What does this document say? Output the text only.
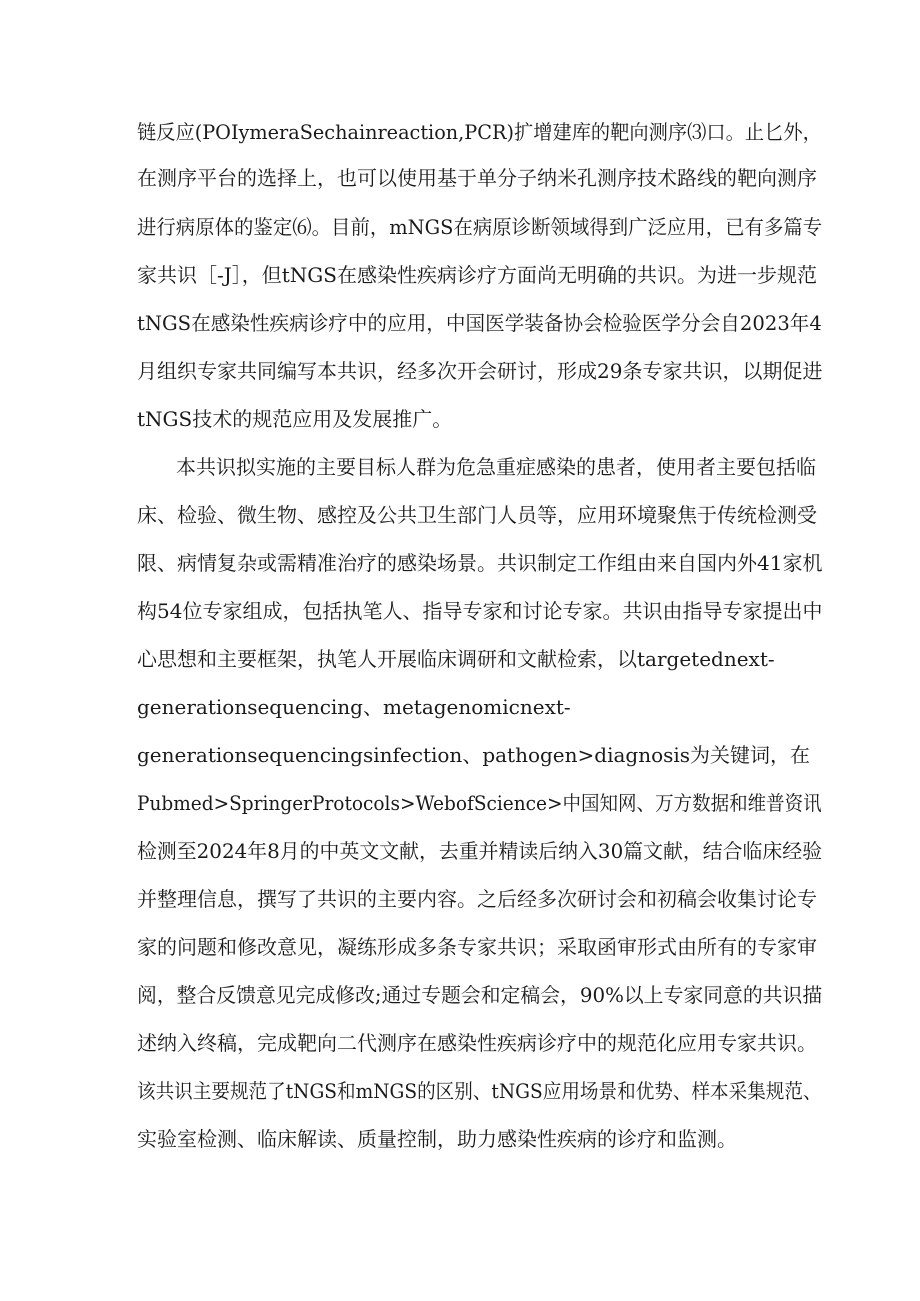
链反应(POIymeraSechainreaction,PCR)扩增建库的靶向测序⑶口。止匕外，
在测序平台的选择上，也可以使用基于单分子纳米孔测序技术路线的靶向测序
进行病原体的鉴定⑹。目前，mNGS在病原诊断领域得到广泛应用，已有多篇专
家共识［-J］，但tNGS在感染性疾病诊疗方面尚无明确的共识。为进一步规范
tNGS在感染性疾病诊疗中的应用，中国医学装备协会检验医学分会自2023年4
月组织专家共同编写本共识，经多次开会研讨，形成29条专家共识，以期促进
tNGS技术的规范应用及发展推广。
本共识拟实施的主要目标人群为危急重症感染的患者，使用者主要包括临
床、检验、微生物、感控及公共卫生部门人员等，应用环境聚焦于传统检测受
限、病情复杂或需精准治疗的感染场景。共识制定工作组由来自国内外41家机
构54位专家组成，包括执笔人、指导专家和讨论专家。共识由指导专家提出中
心思想和主要框架，执笔人开展临床调研和文献检索，以targetednext-
generationsequencing、metagenomicnext-
generationsequencingsinfection、pathogen>diagnosis为关键词，在
Pubmed>SpringerProtocols>WebofScience>中国知网、万方数据和维普资讯
检测至2024年8月的中英文文献，去重并精读后纳入30篇文献，结合临床经验
并整理信息，撰写了共识的主要内容。之后经多次研讨会和初稿会收集讨论专
家的问题和修改意见，凝练形成多条专家共识；采取函审形式由所有的专家审
阅，整合反馈意见完成修改;通过专题会和定稿会，90%以上专家同意的共识描
述纳入终稿，完成靶向二代测序在感染性疾病诊疗中的规范化应用专家共识。
该共识主要规范了tNGS和mNGS的区别、tNGS应用场景和优势、样本采集规范、
实验室检测、临床解读、质量控制，助力感染性疾病的诊疗和监测。
